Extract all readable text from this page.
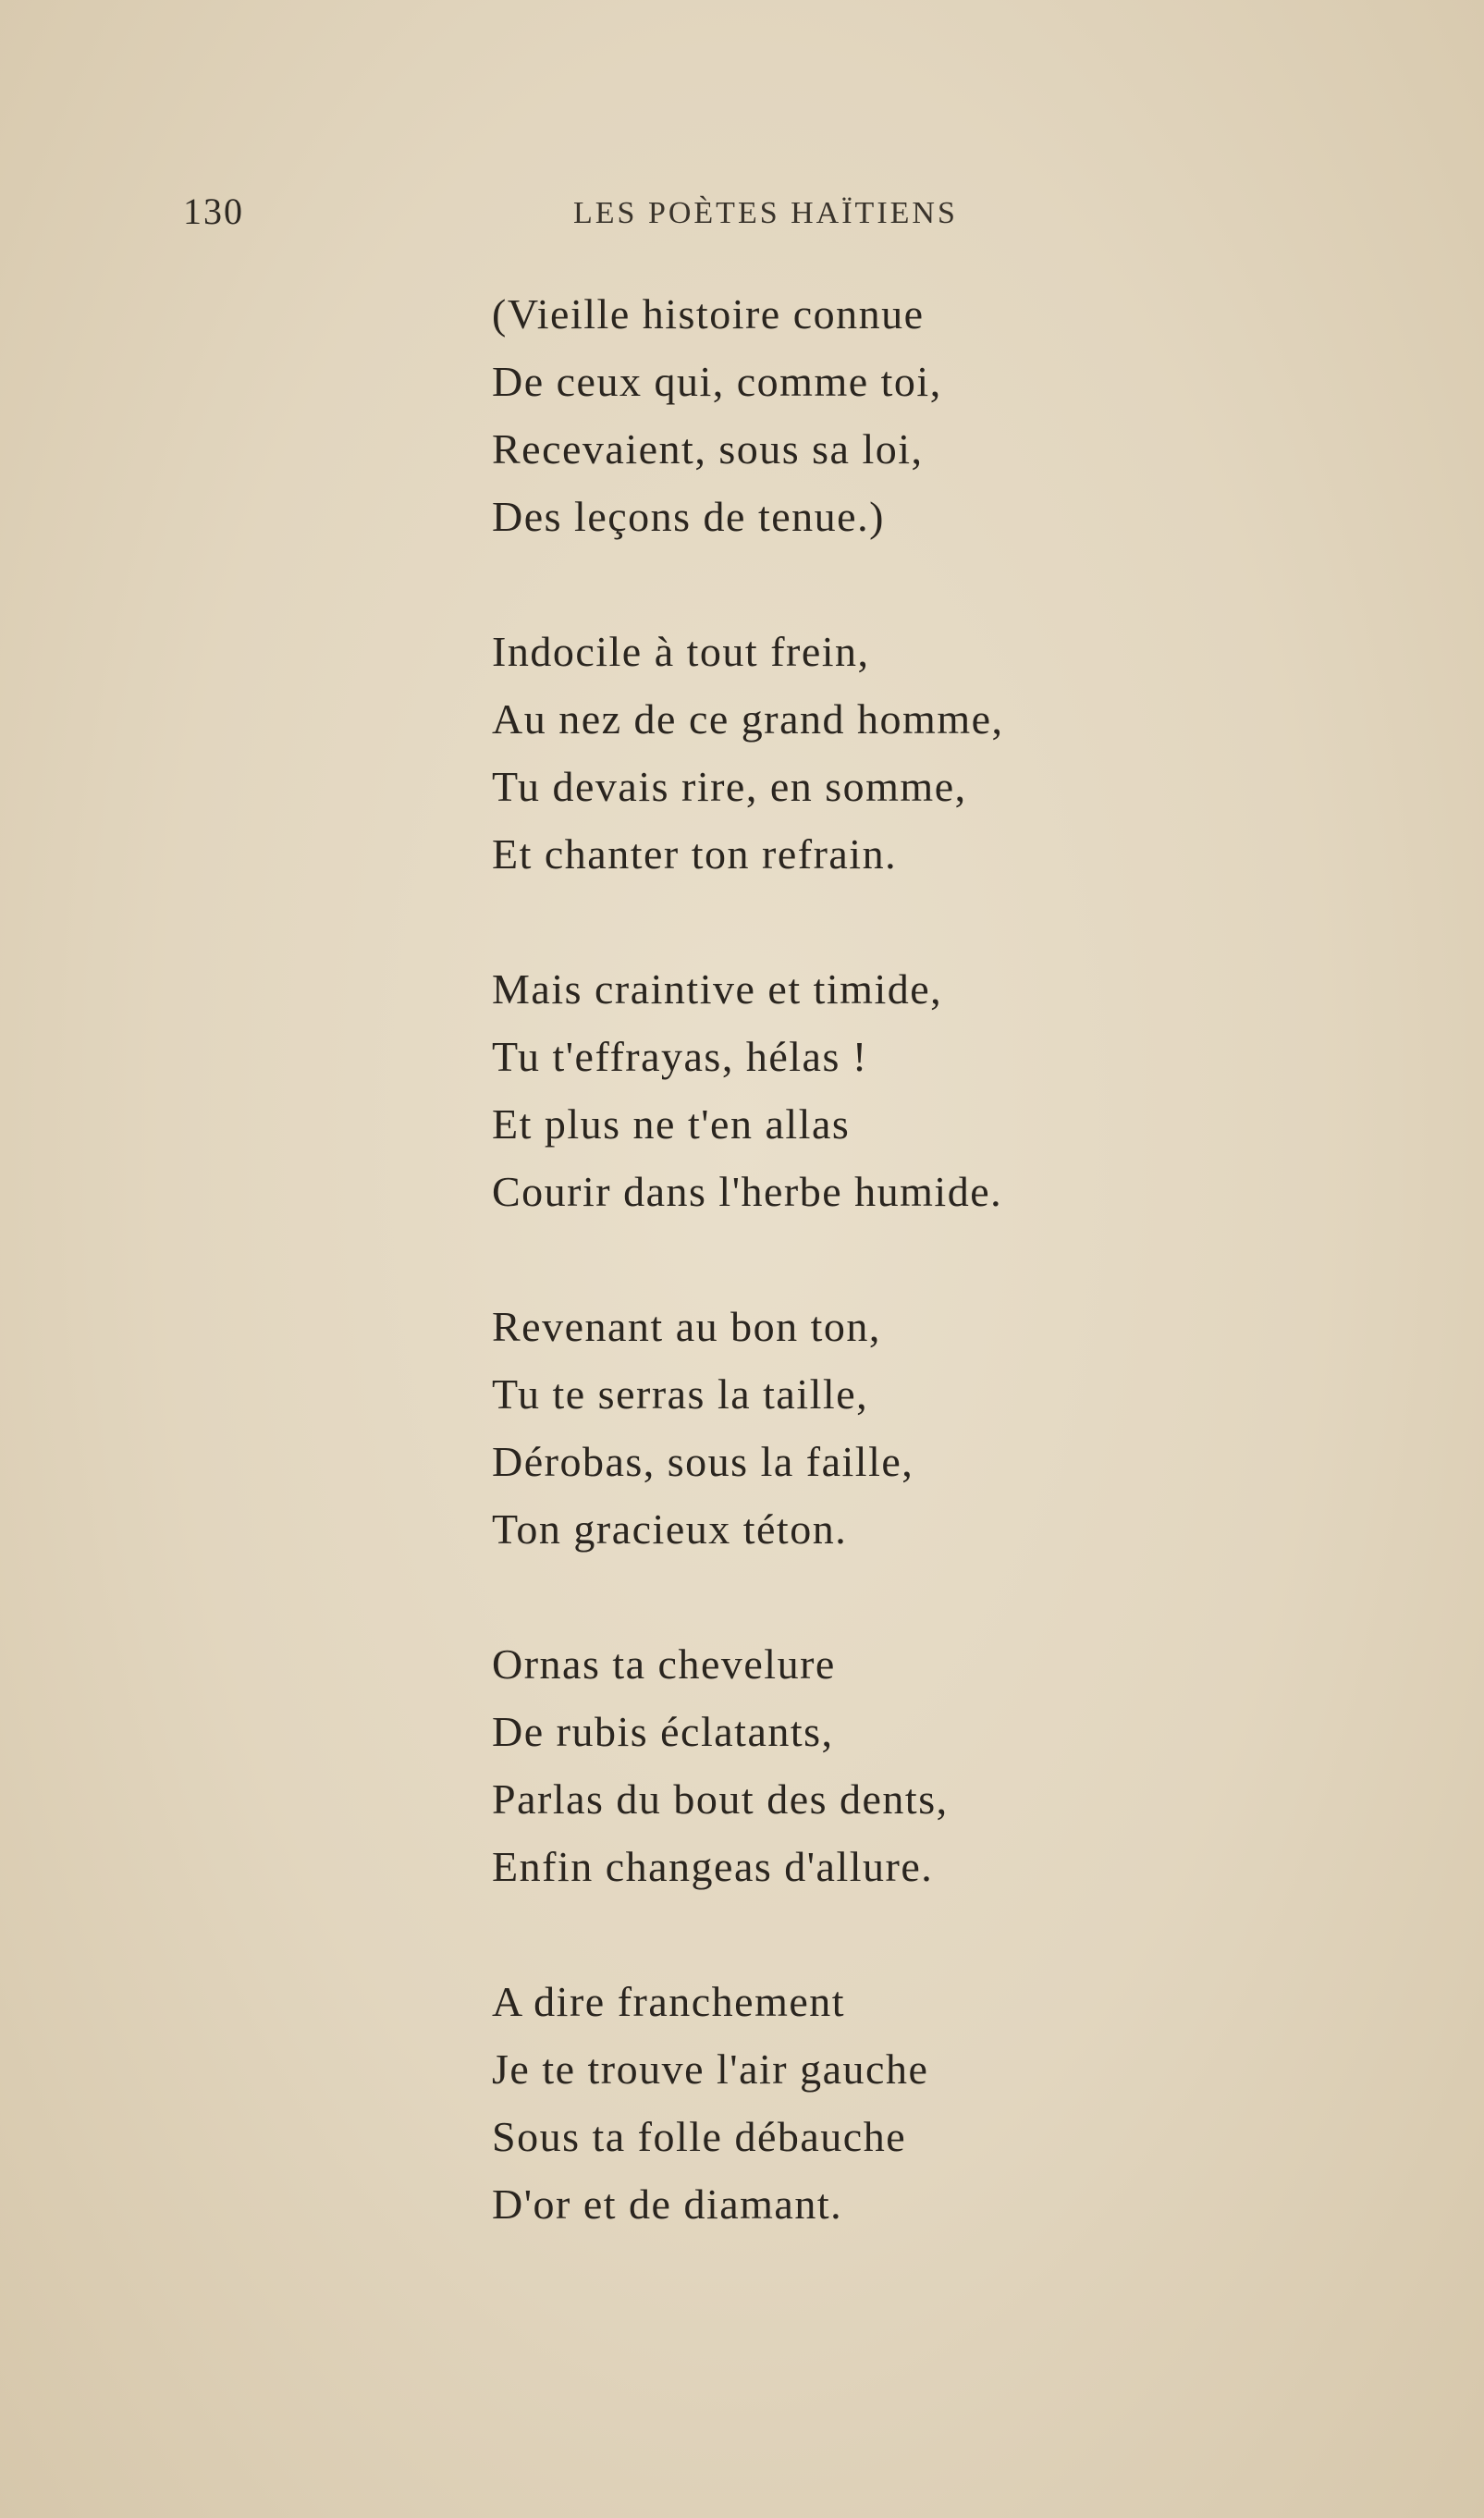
130	LES POÈTES HAÏTIENS
(Vieille histoire connue
De ceux qui, comme toi,
Recevaient, sous sa loi,
Des leçons de tenue.)
Indocile à tout frein,
Au nez de ce grand homme,
Tu devais rire, en somme,
Et chanter ton refrain.
Mais craintive et timide,
Tu t'effrayas, hélas !
Et plus ne t'en allas
Courir dans l'herbe humide.
Revenant au bon ton,
Tu te serras la taille,
Dérobas, sous la faille,
Ton gracieux téton.
Ornas ta chevelure
De rubis éclatants,
Parlas du bout des dents,
Enfin changeas d'allure.
A dire franchement
Je te trouve l'air gauche
Sous ta folle débauche
D'or et de diamant.
